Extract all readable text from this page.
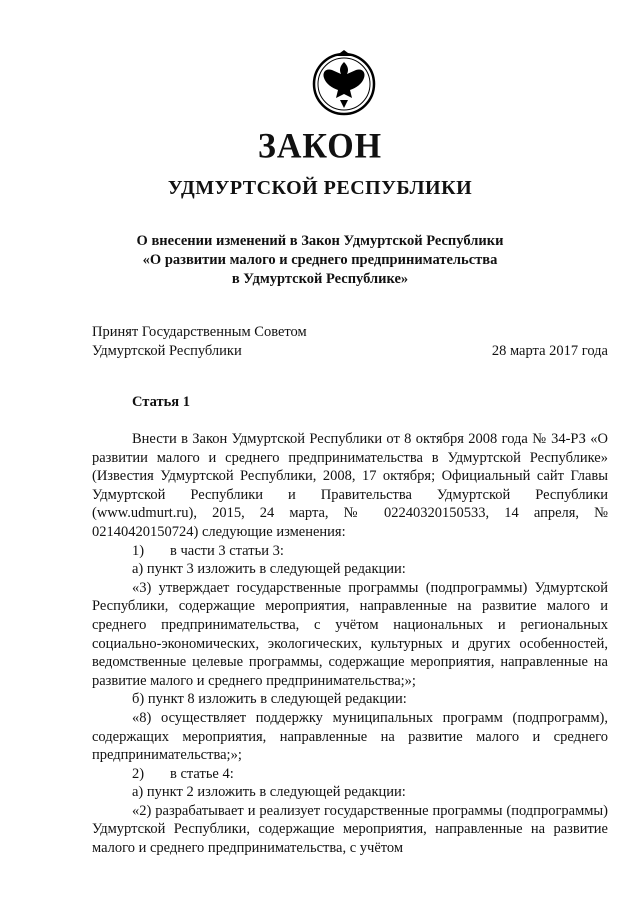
ЗАКОН
УДМУРТСКОЙ РЕСПУБЛИКИ
О внесении изменений в Закон Удмуртской Республики
«О развитии малого и среднего предпринимательства
в Удмуртской Республике»
Принят Государственным Советом
Удмуртской Республики	28 марта 2017 года
Статья 1

Внести в Закон Удмуртской Республики от 8 октября 2008 года № 34-РЗ «О развитии малого и среднего предпринимательства в Удмуртской Республике» (Известия Удмуртской Республики, 2008, 17 октября; Официальный сайт Главы Удмуртской Республики и Правительства Удмуртской Республики (www.udmurt.ru), 2015, 24 марта, № 02240320150533, 14 апреля, № 02140420150724) следующие изменения:

1) в части 3 статьи 3:

а) пункт 3 изложить в следующей редакции:

«3) утверждает государственные программы (подпрограммы) Удмуртской Республики, содержащие мероприятия, направленные на развитие малого и среднего предпринимательства, с учётом национальных и региональных социально-экономических, экологических, культурных и других особенностей, ведомственные целевые программы, содержащие мероприятия, направленные на развитие малого и среднего предпринимательства;»;

б) пункт 8 изложить в следующей редакции:

«8) осуществляет поддержку муниципальных программ (подпрограмм), содержащих мероприятия, направленные на развитие малого и среднего предпринимательства;»;

2) в статье 4:

а) пункт 2 изложить в следующей редакции:

«2) разрабатывает и реализует государственные программы (подпрограммы) Удмуртской Республики, содержащие мероприятия, направленные на развитие малого и среднего предпринимательства, с учётом
